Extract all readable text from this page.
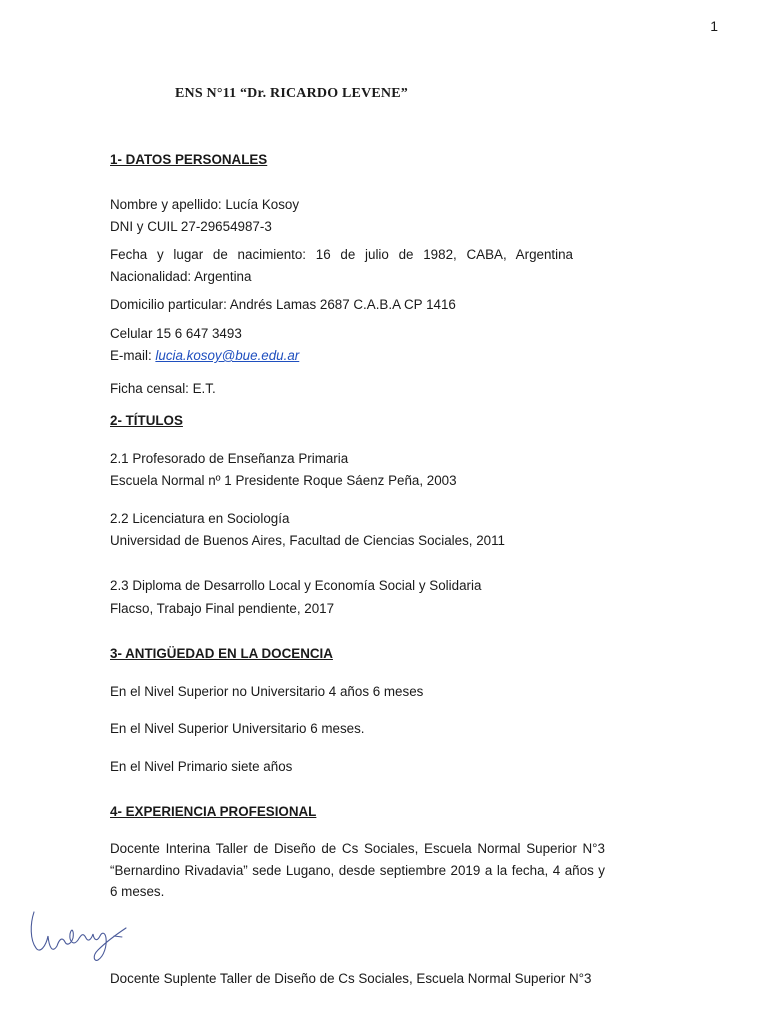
1
ENS N°11 “Dr. RICARDO LEVENE”
1- DATOS PERSONALES
Nombre y apellido: Lucía Kosoy
DNI y CUIL 27-29654987-3
Fecha y lugar de nacimiento: 16 de julio de 1982, CABA, Argentina
Nacionalidad: Argentina
Domicilio particular: Andrés Lamas 2687 C.A.B.A CP 1416
Celular 15 6 647 3493
E-mail: lucia.kosoy@bue.edu.ar
Ficha censal: E.T.
2- TÍTULOS
2.1 Profesorado de Enseñanza Primaria
Escuela Normal nº 1 Presidente Roque Sáenz Peña, 2003
2.2 Licenciatura en Sociología
Universidad de Buenos Aires, Facultad de Ciencias Sociales, 2011
2.3 Diploma de Desarrollo Local y Economía Social y Solidaria
Flacso, Trabajo Final pendiente, 2017
3- ANTIGÜEDAD EN LA DOCENCIA
En el Nivel Superior no Universitario 4 años 6 meses
En el Nivel Superior Universitario 6 meses.
En el Nivel Primario siete años
4- EXPERIENCIA PROFESIONAL
Docente Interina Taller de Diseño de Cs Sociales, Escuela Normal Superior N°3 “Bernardino Rivadavia” sede Lugano, desde septiembre 2019 a la fecha, 4 años y 6 meses.
Docente Suplente Taller de Diseño de Cs Sociales, Escuela Normal Superior N°3
